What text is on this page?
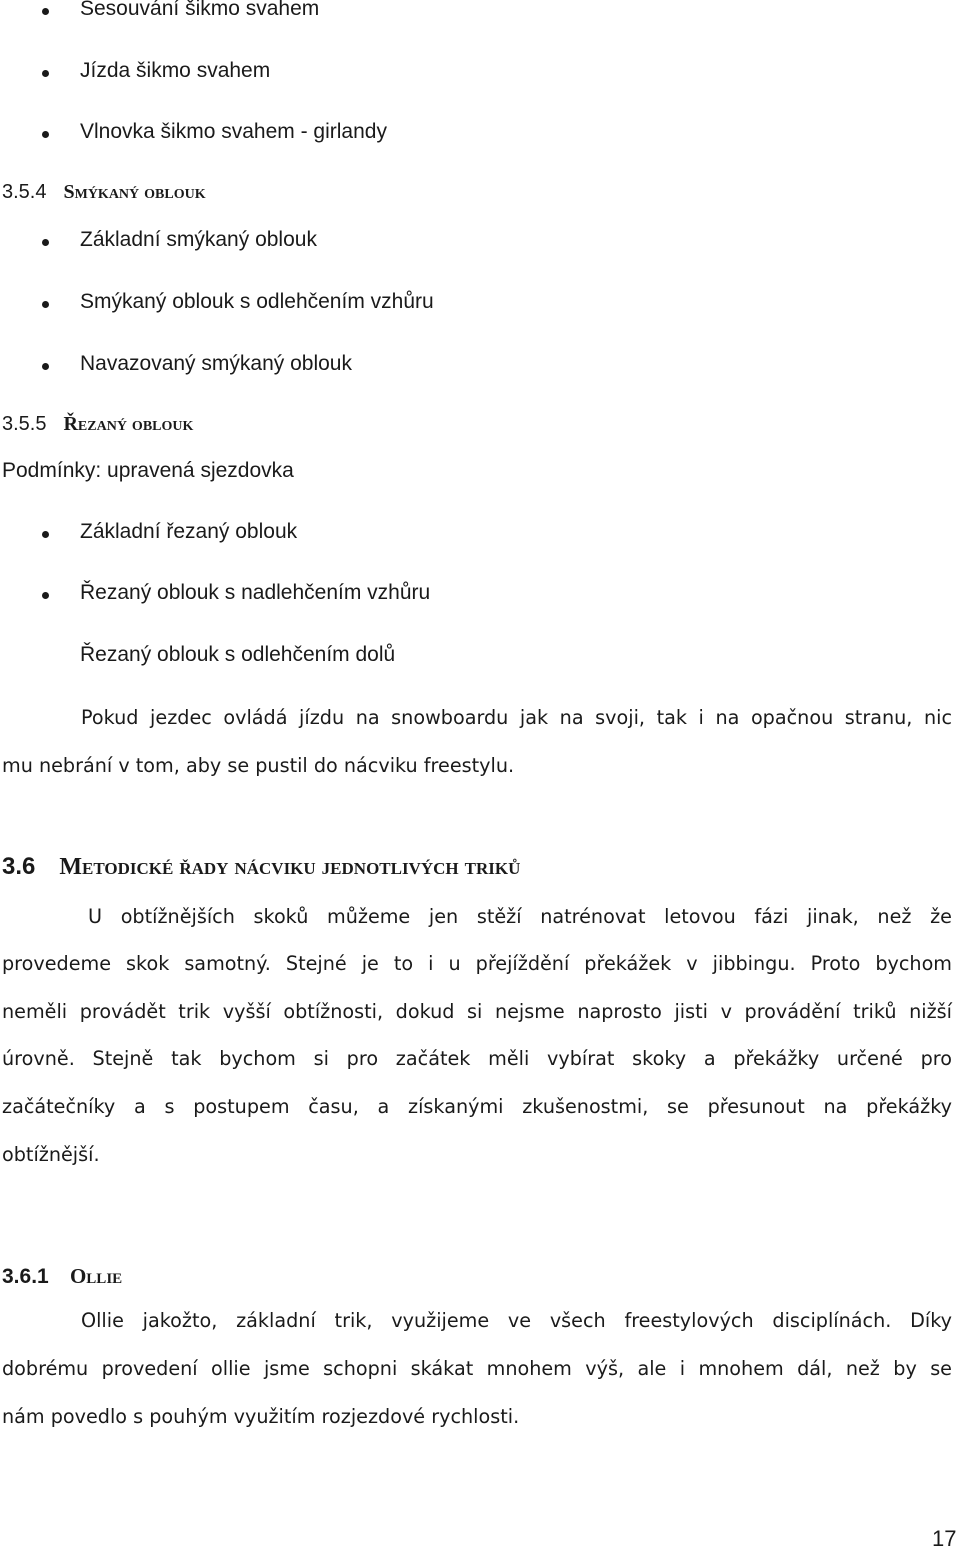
Sesouvání šikmo svahem
Jízda šikmo svahem
Vlnovka šikmo svahem - girlandy
3.5.4 Smýkaný oblouk
Základní smýkaný oblouk
Smýkaný oblouk s odlehčením vzhůru
Navazovaný smýkaný oblouk
3.5.5 Řezaný oblouk
Podmínky: upravená sjezdovka
Základní řezaný oblouk
Řezaný oblouk s nadlehčením vzhůru
Řezaný oblouk s odlehčením dolů
Pokud jezdec ovládá jízdu na snowboardu jak na svoji, tak i na opačnou stranu, nic
mu nebrání v tom, aby se pustil do nácviku freestylu.
3.6 Metodické řady nácviku jednotlivých triků
U obtížnějších skoků můžeme jen stěží natrénovat letovou fázi jinak, než že
provedeme skok samotný. Stejné je to i u přejíždění překážek v jibbingu. Proto bychom
neměli provádět trik vyšší obtížnosti, dokud si nejsme naprosto jisti v provádění triků nižší
úrovně. Stejně tak bychom si pro začátek měli vybírat skoky a překážky určené pro
začátečníky a s postupem času, a získanými zkušenostmi, se přesunout na překážky
obtížnější.
3.6.1 Ollie
Ollie jakožto, základní trik, využijeme ve všech freestylových disciplínách. Díky
dobrému provedení ollie jsme schopni skákat mnohem výš, ale i mnohem dál, než by se
nám povedlo s pouhým využitím rozjezdové rychlosti.
17
